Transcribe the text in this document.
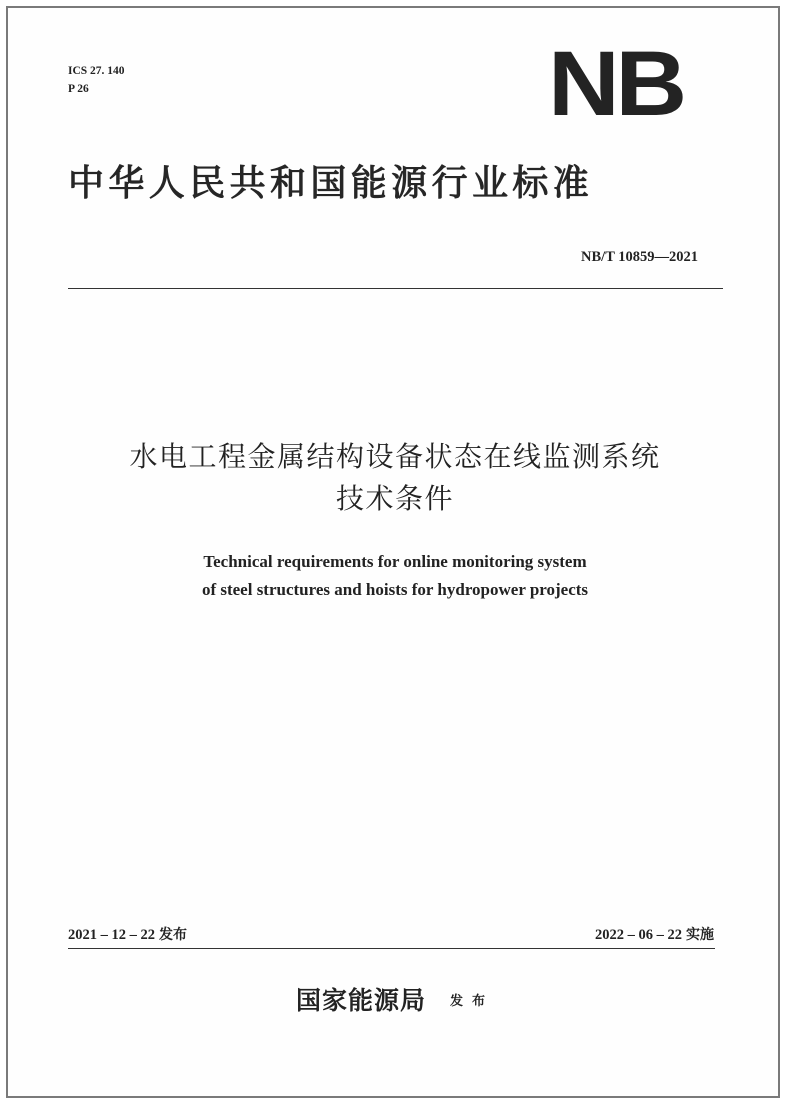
ICS 27. 140
P 26	NB
中华人民共和国能源行业标准
NB/T 10859—2021
水电工程金属结构设备状态在线监测系统
技术条件
Technical requirements for online monitoring system
of steel structures and hoists for hydropower projects
2021 – 12 – 22 发布	2022 – 06 – 22 实施
国家能源局 发布
